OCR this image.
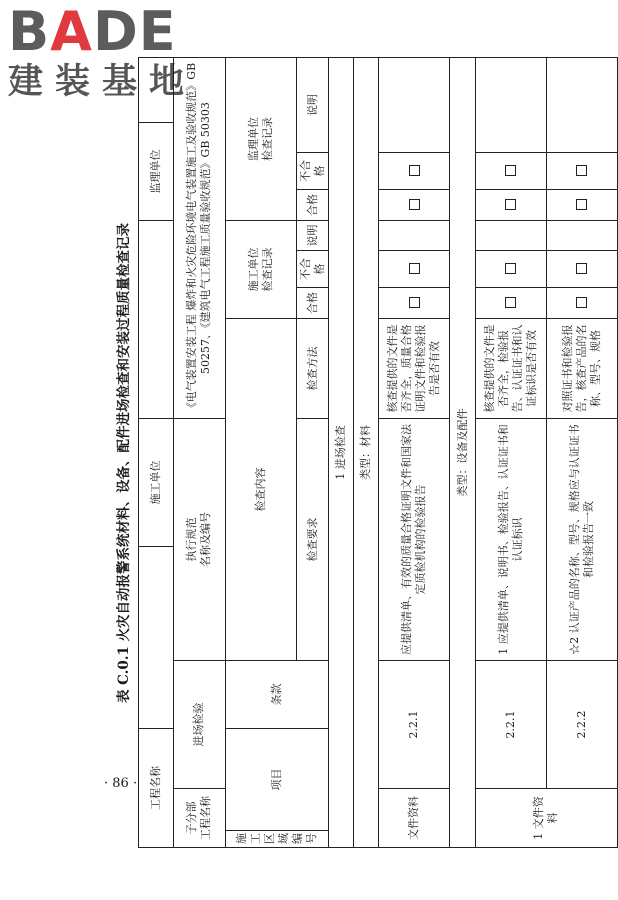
BADE
建装基地
· 86 ·
表 C.0.1 火灾自动报警系统材料、设备、配件进场检查和安装过程质量检查记录
工程名称					施工单位					监理单位			

子分部 工程名称		进场检验		执行规范 名称及编号		《电气装置安装工程 爆炸和火灾危险环境电气装置施工及验收规范》GB 50257、《建筑电气工程施工质量验收规范》GB 50303							

施工 区域 编号	项目		条款	检查内容			施工单位 检查记录			监理单位 检查记录			

				检查要求		检查方法	合格	不合格	说明	合格	不合格	说明	
1 进场检查													
类型：材料													
文件资料		2.2.1		应提供清单、有效的质量合格证明文件和国家法定质检机构的检验报告		核查提供的文件是否齐全，质量合格证明文件和检验报告是否有效							
类型：设备及配件													
1 文件资料		2.2.1		1 应提供清单、说明书、检验报告、认证证书和认证标识		核查提供的文件是否齐全，检验报告、认证证书和认证标识是否有效							
		2.2.2		☆2 认证产品的名称、型号、规格应与认证证书和检验报告一致		对照证书和检验报告，核查产品的名称、型号、规格							
